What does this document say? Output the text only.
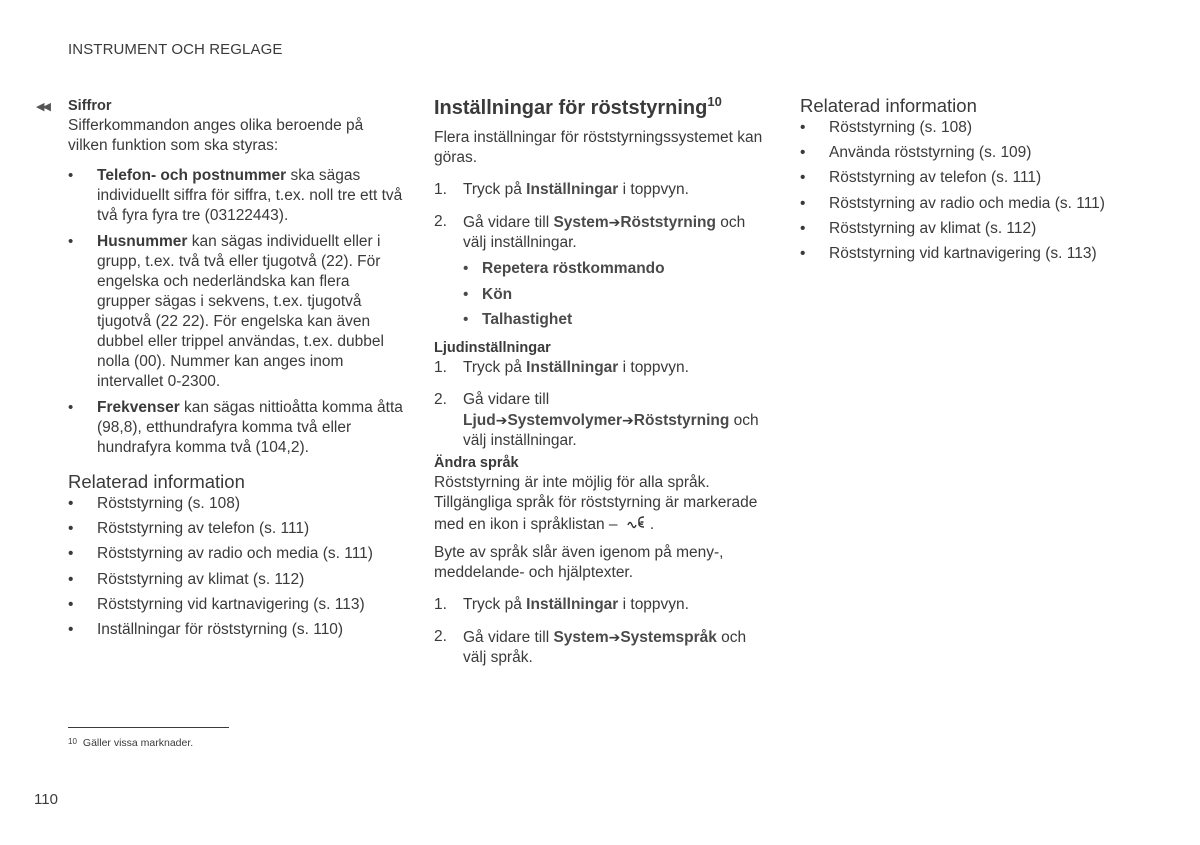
INSTRUMENT OCH REGLAGE
◀◀ Siffror

Sifferkommandon anges olika beroende på vilken funktion som ska styras:

• Telefon- och postnummer ska sägas individuellt siffra för siffra, t.ex. noll tre ett två två fyra fyra tre (03122443).
• Husnummer kan sägas individuellt eller i grupp, t.ex. två två eller tjugotvå (22). För engelska och nederländska kan flera grupper sägas i sekvens, t.ex. tjugotvå tjugotvå (22 22). För engelska kan även dubbel eller trippel användas, t.ex. dubbel nolla (00). Nummer kan anges inom intervallet 0-2300.
• Frekvenser kan sägas nittioåtta komma åtta (98,8), etthundrafyra komma två eller hundrafyra komma två (104,2).
Relaterad information
• Röststyrning (s. 108)
• Röststyrning av telefon (s. 111)
• Röststyrning av radio och media (s. 111)
• Röststyrning av klimat (s. 112)
• Röststyrning vid kartnavigering (s. 113)
• Inställningar för röststyrning (s. 110)
Inställningar för röststyrning$^{10}$

Flera inställningar för röststyrningssystemet kan göras.

1. Tryck på Inställningar i toppvyn.
2. Gå vidare till System➔Röststyrning och välj inställningar.
• Repetera röstkommando
• Kön
• Talhastighet

Ljudinställningar

1. Tryck på Inställningar i toppvyn.
2. Gå vidare till Ljud➔Systemvolymer➔Röststyrning och välj inställningar.

Ändra språk

Röststyrning är inte möjlig för alla språk. Tillgängliga språk för röststyrning är markerade med en ikon i språklistan – .

Byte av språk slår även igenom på meny-, meddelande- och hjälptexter.

1. Tryck på Inställningar i toppvyn.
2. Gå vidare till System➔Systemspråk och välj språk.
Relaterad information
• Röststyrning (s. 108)
• Använda röststyrning (s. 109)
• Röststyrning av telefon (s. 111)
• Röststyrning av radio och media (s. 111)
• Röststyrning av klimat (s. 112)
• Röststyrning vid kartnavigering (s. 113)
10 Gäller vissa marknader.
110
